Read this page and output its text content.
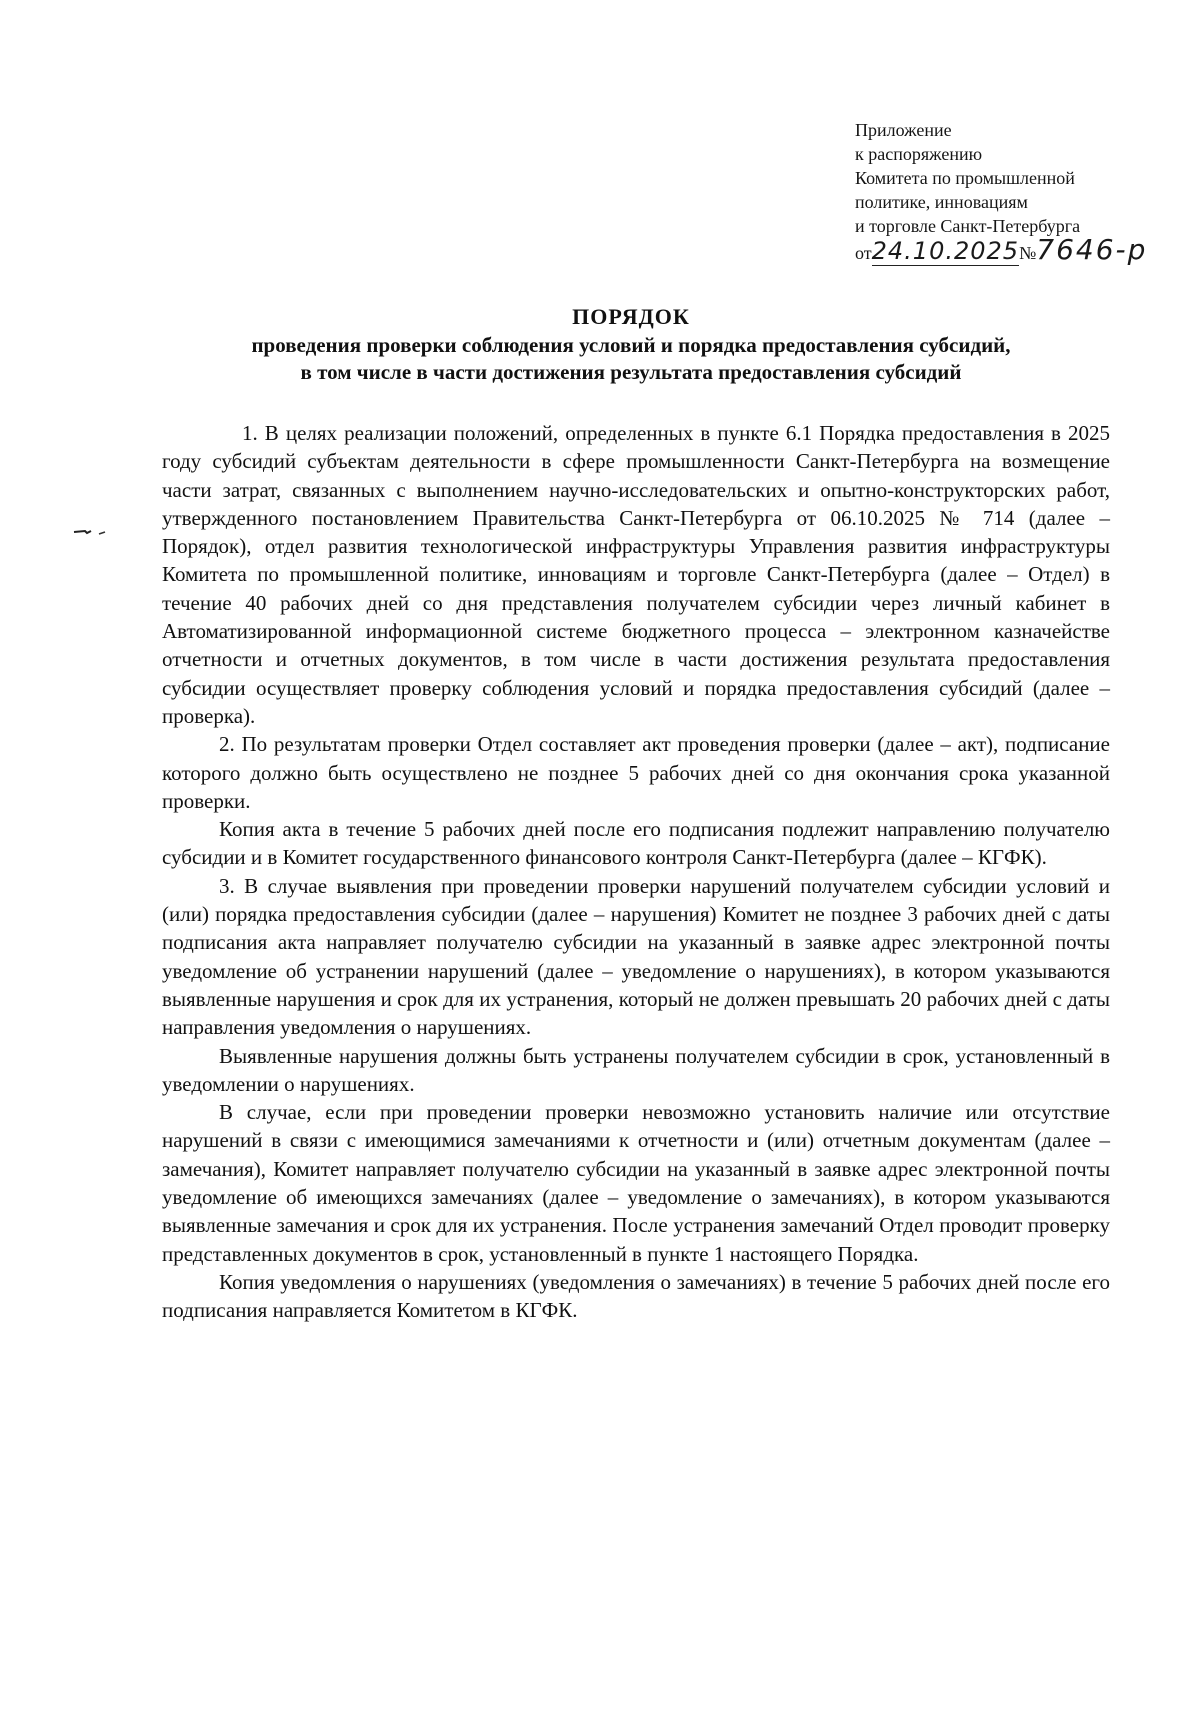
Приложение
к распоряжению
Комитета по промышленной
политике, инновациям
и торговле Санкт-Петербурга
от24.10.2025№7646-р
ПОРЯДОК
проведения проверки соблюдения условий и порядка предоставления субсидий,
в том числе в части достижения результата предоставления субсидий

1. В целях реализации положений, определенных в пункте 6.1 Порядка предоставления в 2025 году субсидий субъектам деятельности в сфере промышленности Санкт-Петербурга на возмещение части затрат, связанных с выполнением научно-исследовательских и опытно-конструкторских работ, утвержденного постановлением Правительства Санкт-Петербурга от 06.10.2025 № 714 (далее – Порядок), отдел развития технологической инфраструктуры Управления развития инфраструктуры Комитета по промышленной политике, инновациям и торговле Санкт-Петербурга (далее – Отдел) в течение 40 рабочих дней со дня представления получателем субсидии через личный кабинет в Автоматизированной информационной системе бюджетного процесса – электронном казначействе отчетности и отчетных документов, в том числе в части достижения результата предоставления субсидии осуществляет проверку соблюдения условий и порядка предоставления субсидий (далее – проверка).

2. По результатам проверки Отдел составляет акт проведения проверки (далее – акт), подписание которого должно быть осуществлено не позднее 5 рабочих дней со дня окончания срока указанной проверки.

Копия акта в течение 5 рабочих дней после его подписания подлежит направлению получателю субсидии и в Комитет государственного финансового контроля Санкт-Петербурга (далее – КГФК).

3. В случае выявления при проведении проверки нарушений получателем субсидии условий и (или) порядка предоставления субсидии (далее – нарушения) Комитет не позднее 3 рабочих дней с даты подписания акта направляет получателю субсидии на указанный в заявке адрес электронной почты уведомление об устранении нарушений (далее – уведомление о нарушениях), в котором указываются выявленные нарушения и срок для их устранения, который не должен превышать 20 рабочих дней с даты направления уведомления о нарушениях.

Выявленные нарушения должны быть устранены получателем субсидии в срок, установленный в уведомлении о нарушениях.

В случае, если при проведении проверки невозможно установить наличие или отсутствие нарушений в связи с имеющимися замечаниями к отчетности и (или) отчетным документам (далее – замечания), Комитет направляет получателю субсидии на указанный в заявке адрес электронной почты уведомление об имеющихся замечаниях (далее – уведомление о замечаниях), в котором указываются выявленные замечания и срок для их устранения. После устранения замечаний Отдел проводит проверку представленных документов в срок, установленный в пункте 1 настоящего Порядка.

Копия уведомления о нарушениях (уведомления о замечаниях) в течение 5 рабочих дней после его подписания направляется Комитетом в КГФК.
